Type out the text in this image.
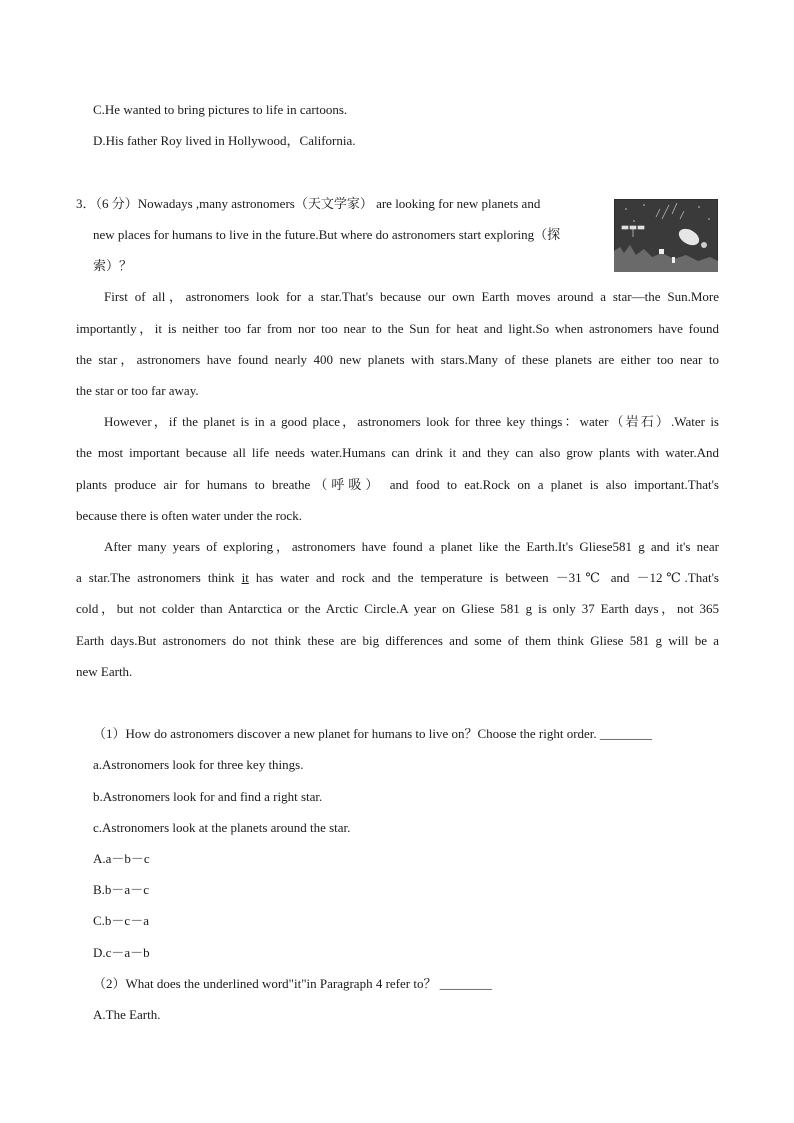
C.He wanted to bring pictures to life in cartoons.
D.His father Roy lived in Hollywood，California.
3．（6 分）Nowadays ,many astronomers（天文学家） are looking for new planets and
new places for humans to live in the future.But where do astronomers start exploring（探
索）？
First of all，astronomers look for a star.That's because our own Earth moves around a star—the Sun.More
importantly，it is neither too far from nor too near to the Sun for heat and light.So when astronomers have found
the star，astronomers have found nearly 400 new planets with stars.Many of these planets are either too near to
the star or too far away.
However，if the planet is in a good place，astronomers look for three key things：water（岩石）.Water is
the most important because all life needs water.Humans can drink it and they can also grow plants with water.And
plants produce air for humans to breathe（呼吸） and food to eat.Rock on a planet is also important.That's
because there is often water under the rock.
After many years of exploring，astronomers have found a planet like the Earth.It's Gliese581 g and it's near
a star.The astronomers think it has water and rock and the temperature is between －31℃ and －12℃.That's
cold，but not colder than Antarctica or the Arctic Circle.A year on Gliese 581 g is only 37 Earth days，not 365
Earth days.But astronomers do not think these are big differences and some of them think Gliese 581 g will be a
new Earth.
（1）How do astronomers discover a new planet for humans to live on？Choose the right order. ________
a.Astronomers look for three key things.
b.Astronomers look for and find a right star.
c.Astronomers look at the planets around the star.
A.a－b－c
B.b－a－c
C.b－c－a
D.c－a－b
（2）What does the underlined word"it"in Paragraph 4 refer to？ ________
A.The Earth.
